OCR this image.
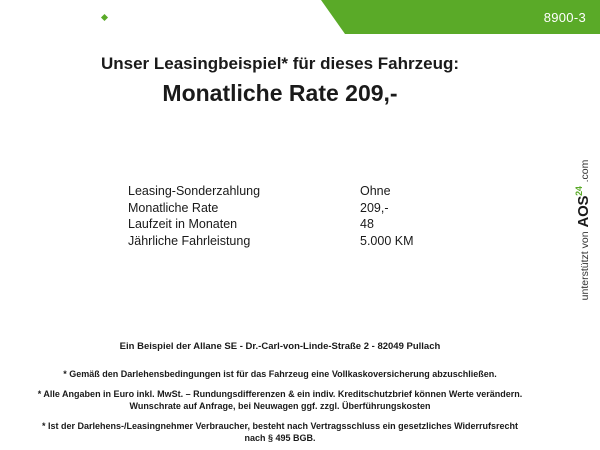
FESER GRAF	8900-3
Unser Leasingbeispiel* für dieses Fahrzeug:
Monatliche Rate 209,-
Leasing-Sonderzahlung	Ohne
Monatliche Rate	209,-
Laufzeit in Monaten	48
Jährliche Fahrleistung	5.000 KM
Ein Beispiel der Allane SE - Dr.-Carl-von-Linde-Straße 2 - 82049 Pullach
* Gemäß den Darlehensbedingungen ist für das Fahrzeug eine Vollkaskoversicherung abzuschließen.
* Alle Angaben in Euro inkl. MwSt. – Rundungsdifferenzen & ein indiv. Kreditschutzbrief können Werte verändern.
Wunschrate auf Anfrage, bei Neuwagen ggf. zzgl. Überführungskosten
* Ist der Darlehens-/Leasingnehmer Verbraucher, besteht nach Vertragsschluss ein gesetzliches Widerrufsrecht
nach § 495 BGB.
unterstützt von
AOS$^{24}$
.com
